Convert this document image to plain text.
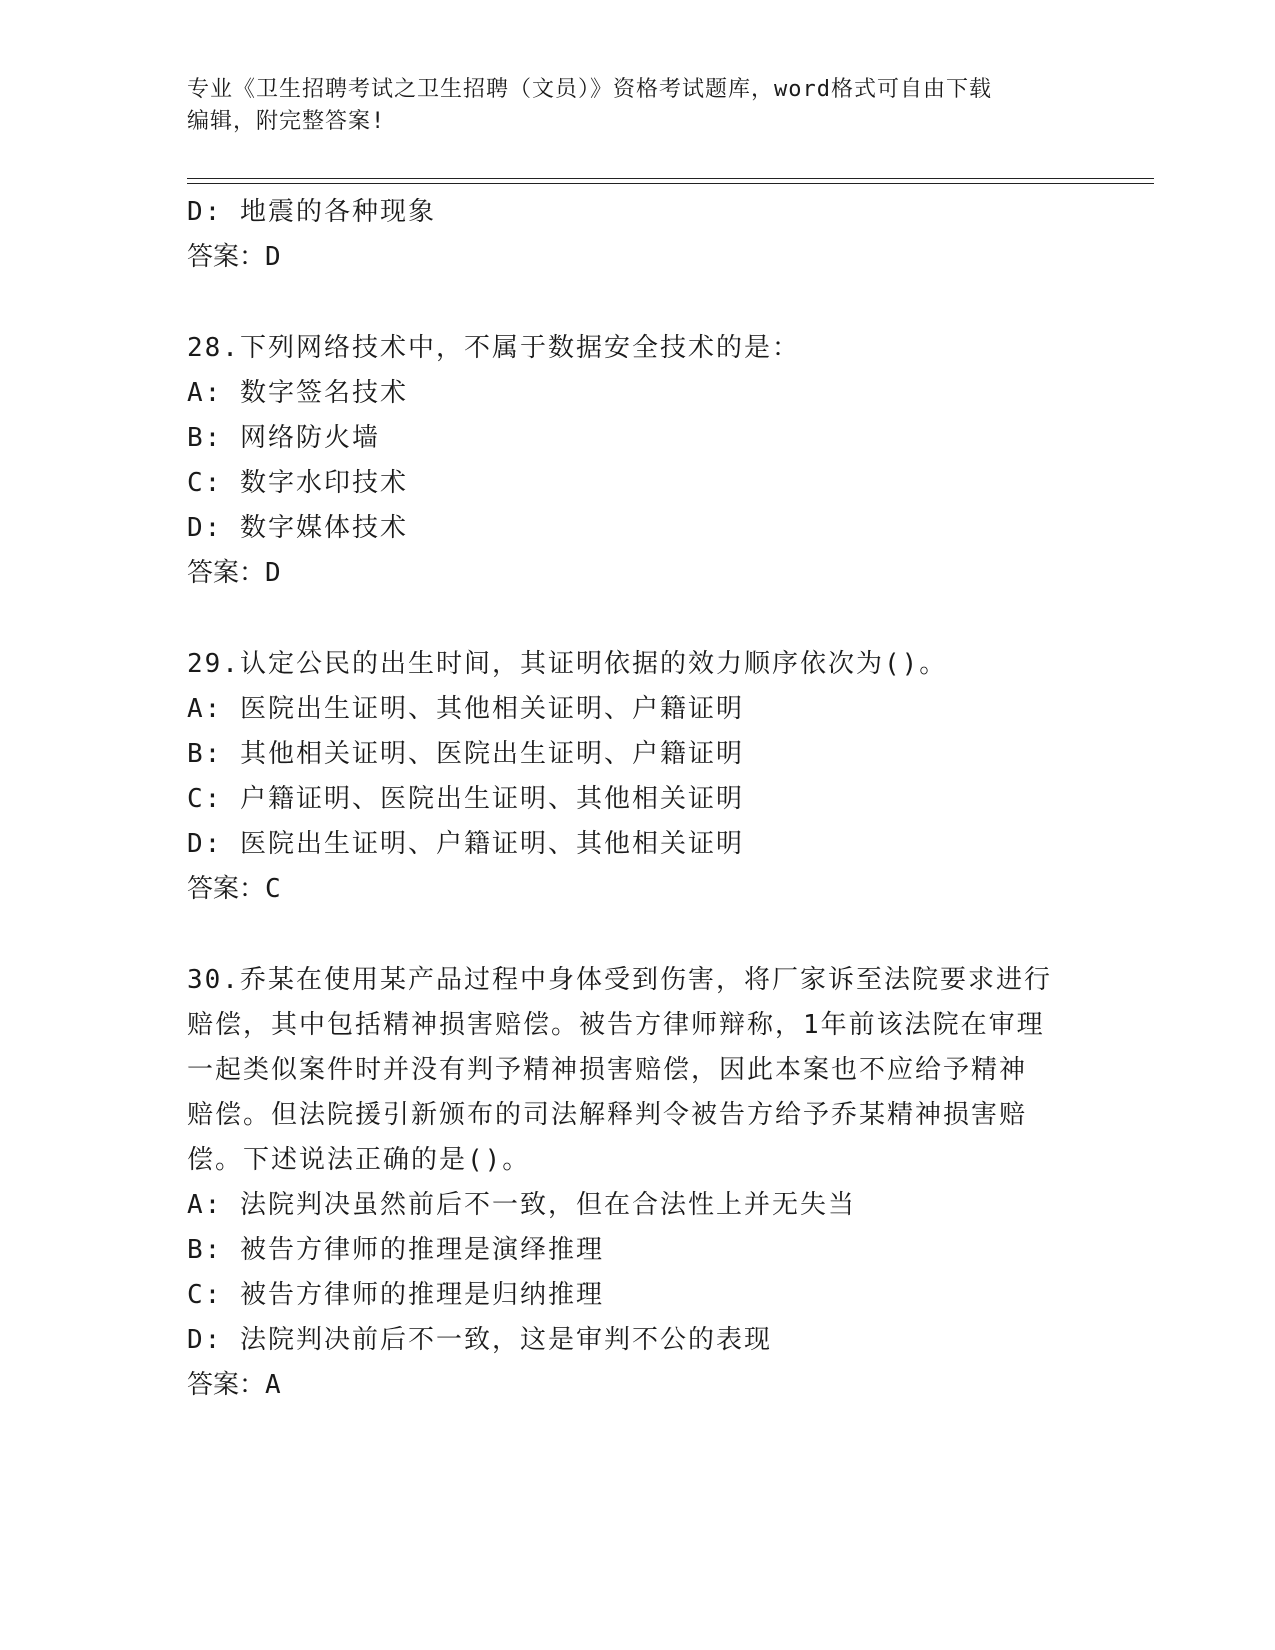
专业《卫生招聘考试之卫生招聘（文员）》资格考试题库，word格式可自由下载
编辑，附完整答案!
D: 地震的各种现象
答案：D
28.下列网络技术中，不属于数据安全技术的是：
A: 数字签名技术
B: 网络防火墙
C: 数字水印技术
D: 数字媒体技术
答案：D
29.认定公民的出生时间，其证明依据的效力顺序依次为()。
A: 医院出生证明、其他相关证明、户籍证明
B: 其他相关证明、医院出生证明、户籍证明
C: 户籍证明、医院出生证明、其他相关证明
D: 医院出生证明、户籍证明、其他相关证明
答案：C
30.乔某在使用某产品过程中身体受到伤害，将厂家诉至法院要求进行
赔偿，其中包括精神损害赔偿。被告方律师辩称，1年前该法院在审理
一起类似案件时并没有判予精神损害赔偿，因此本案也不应给予精神
赔偿。但法院援引新颁布的司法解释判令被告方给予乔某精神损害赔
偿。下述说法正确的是()。
A: 法院判决虽然前后不一致，但在合法性上并无失当
B: 被告方律师的推理是演绎推理
C: 被告方律师的推理是归纳推理
D: 法院判决前后不一致，这是审判不公的表现
答案：A
